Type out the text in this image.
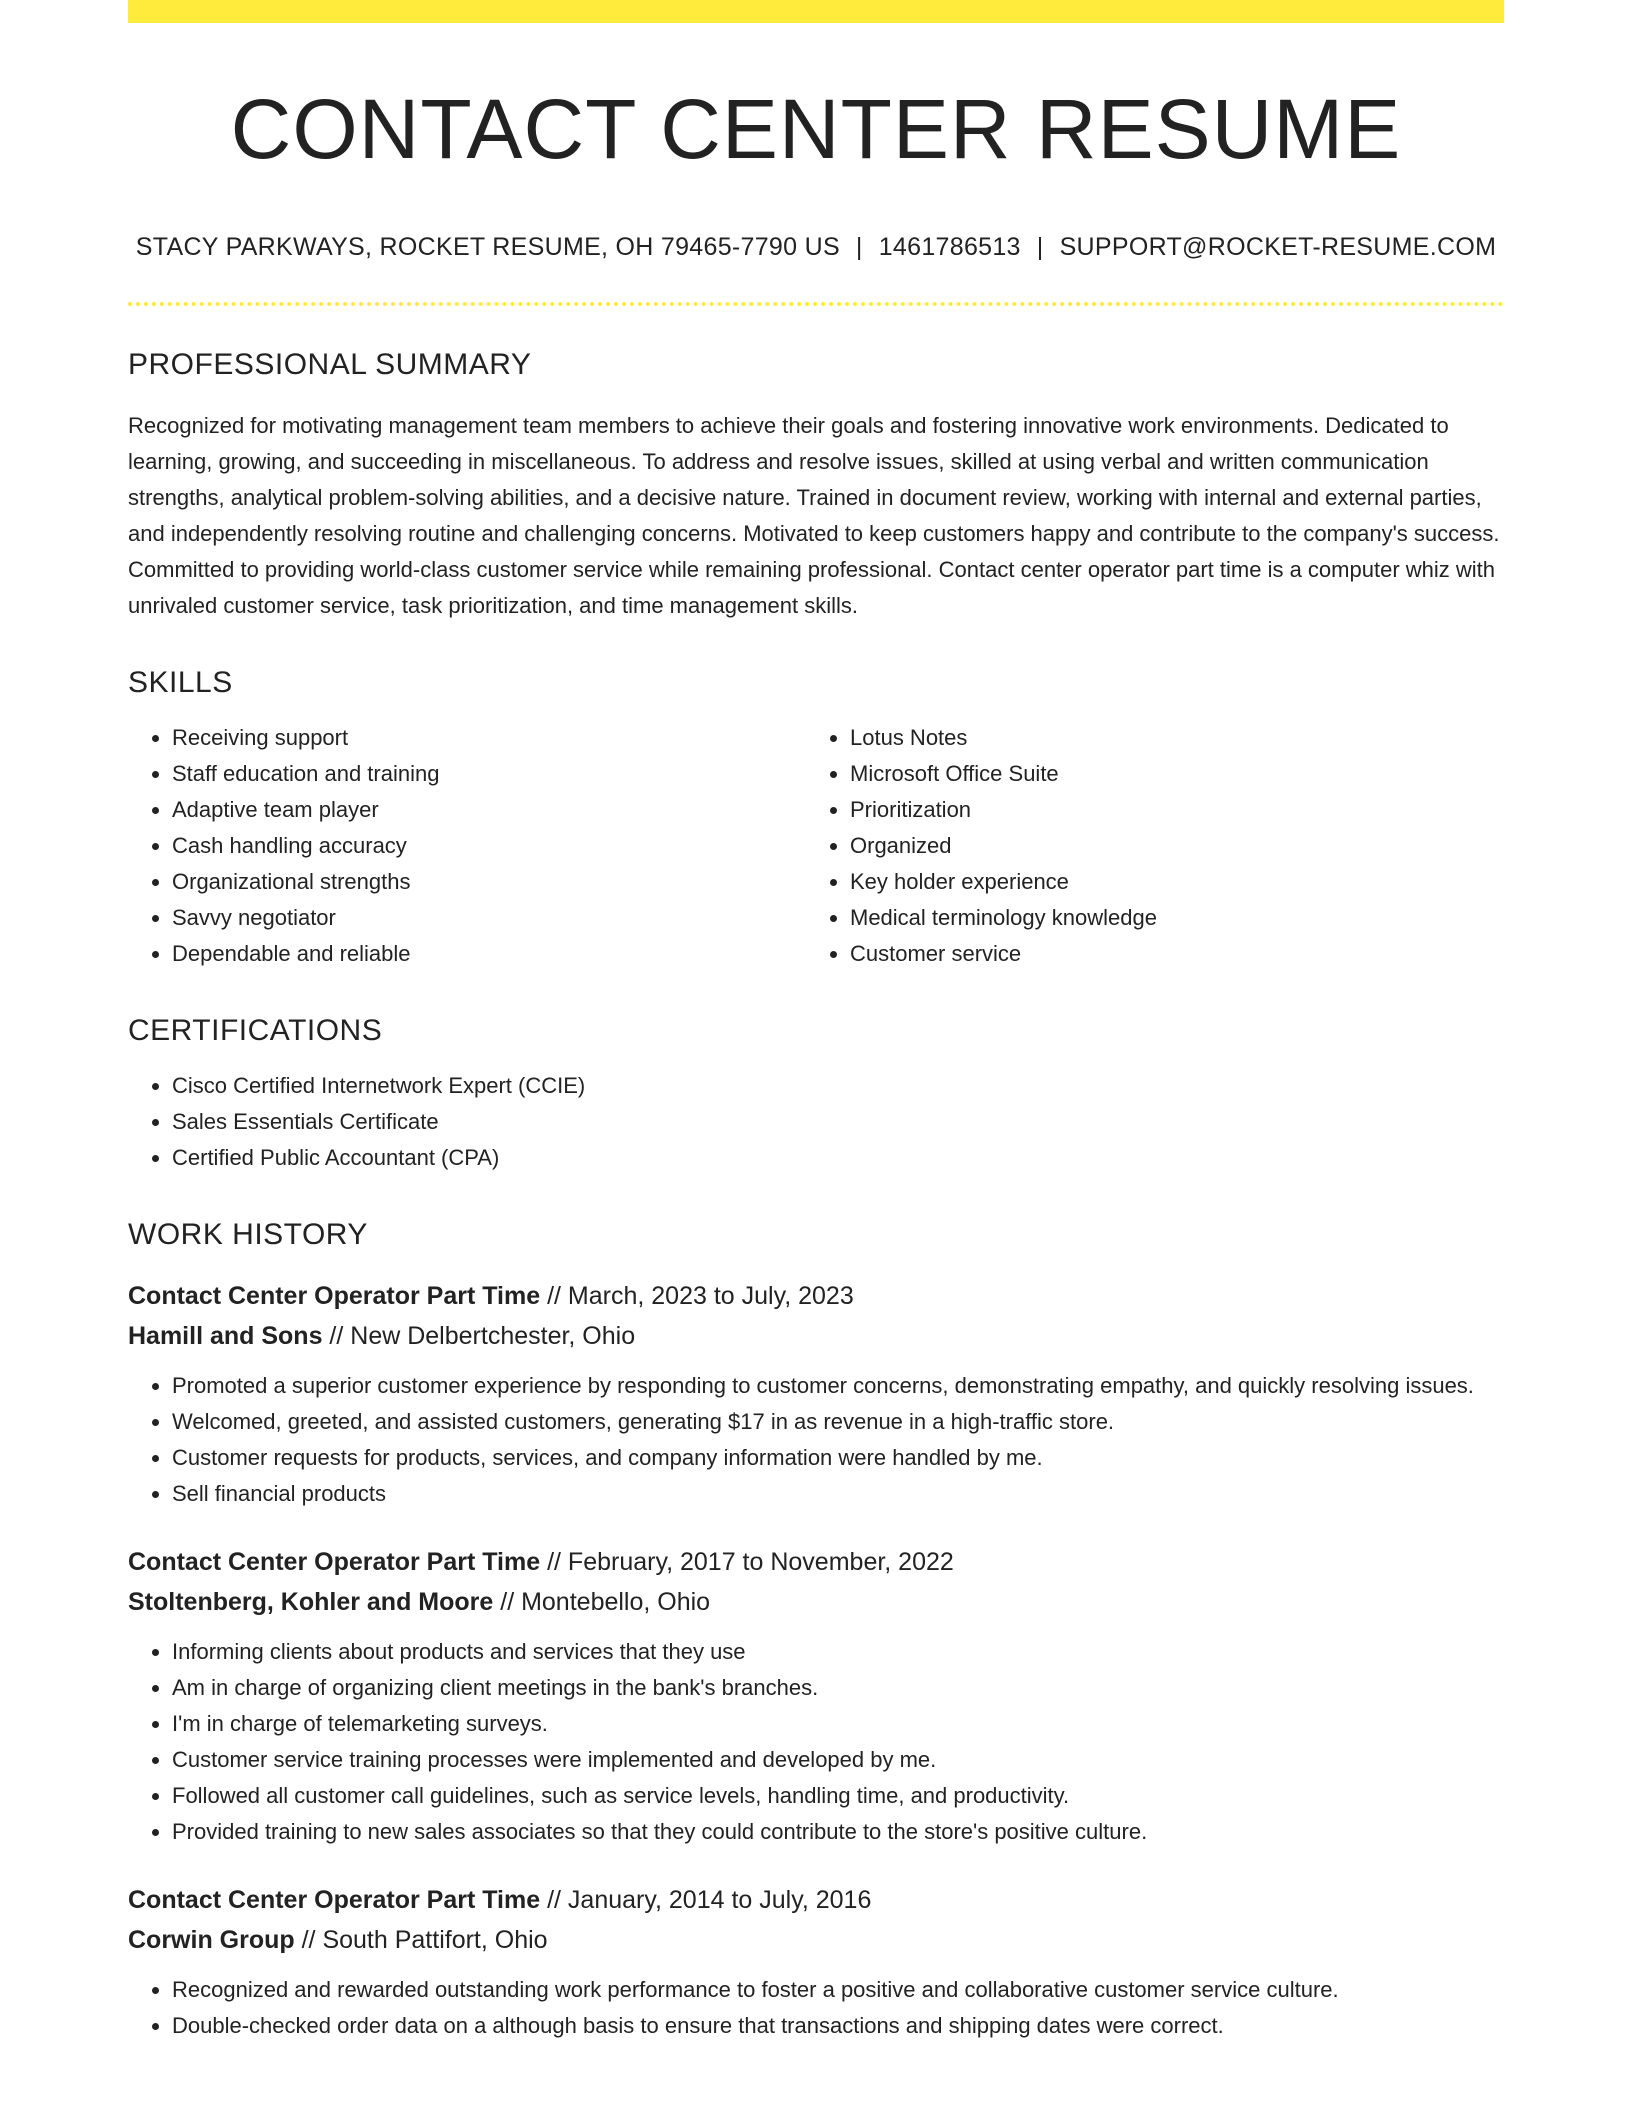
CONTACT CENTER RESUME
STACY PARKWAYS, ROCKET RESUME, OH 79465-7790 US | 1461786513 | SUPPORT@ROCKET-RESUME.COM
PROFESSIONAL SUMMARY

Recognized for motivating management team members to achieve their goals and fostering innovative work environments. Dedicated to learning, growing, and succeeding in miscellaneous. To address and resolve issues, skilled at using verbal and written communication strengths, analytical problem-solving abilities, and a decisive nature. Trained in document review, working with internal and external parties, and independently resolving routine and challenging concerns. Motivated to keep customers happy and contribute to the company's success. Committed to providing world-class customer service while remaining professional. Contact center operator part time is a computer whiz with unrivaled customer service, task prioritization, and time management skills.

SKILLS
• Receiving support
• Staff education and training
• Adaptive team player
• Cash handling accuracy
• Organizational strengths
• Savvy negotiator
• Dependable and reliable
• Lotus Notes
• Microsoft Office Suite
• Prioritization
• Organized
• Key holder experience
• Medical terminology knowledge
• Customer service
CERTIFICATIONS
• Cisco Certified Internetwork Expert (CCIE)
• Sales Essentials Certificate
• Certified Public Accountant (CPA)
WORK HISTORY
Contact Center Operator Part Time // March, 2023 to July, 2023
Hamill and Sons // New Delbertchester, Ohio
• Promoted a superior customer experience by responding to customer concerns, demonstrating empathy, and quickly resolving issues.
• Welcomed, greeted, and assisted customers, generating $17 in as revenue in a high-traffic store.
• Customer requests for products, services, and company information were handled by me.
• Sell financial products
Contact Center Operator Part Time // February, 2017 to November, 2022
Stoltenberg, Kohler and Moore // Montebello, Ohio
• Informing clients about products and services that they use
• Am in charge of organizing client meetings in the bank's branches.
• I'm in charge of telemarketing surveys.
• Customer service training processes were implemented and developed by me.
• Followed all customer call guidelines, such as service levels, handling time, and productivity.
• Provided training to new sales associates so that they could contribute to the store's positive culture.
Contact Center Operator Part Time // January, 2014 to July, 2016
Corwin Group // South Pattifort, Ohio
• Recognized and rewarded outstanding work performance to foster a positive and collaborative customer service culture.
• Double-checked order data on a although basis to ensure that transactions and shipping dates were correct.
